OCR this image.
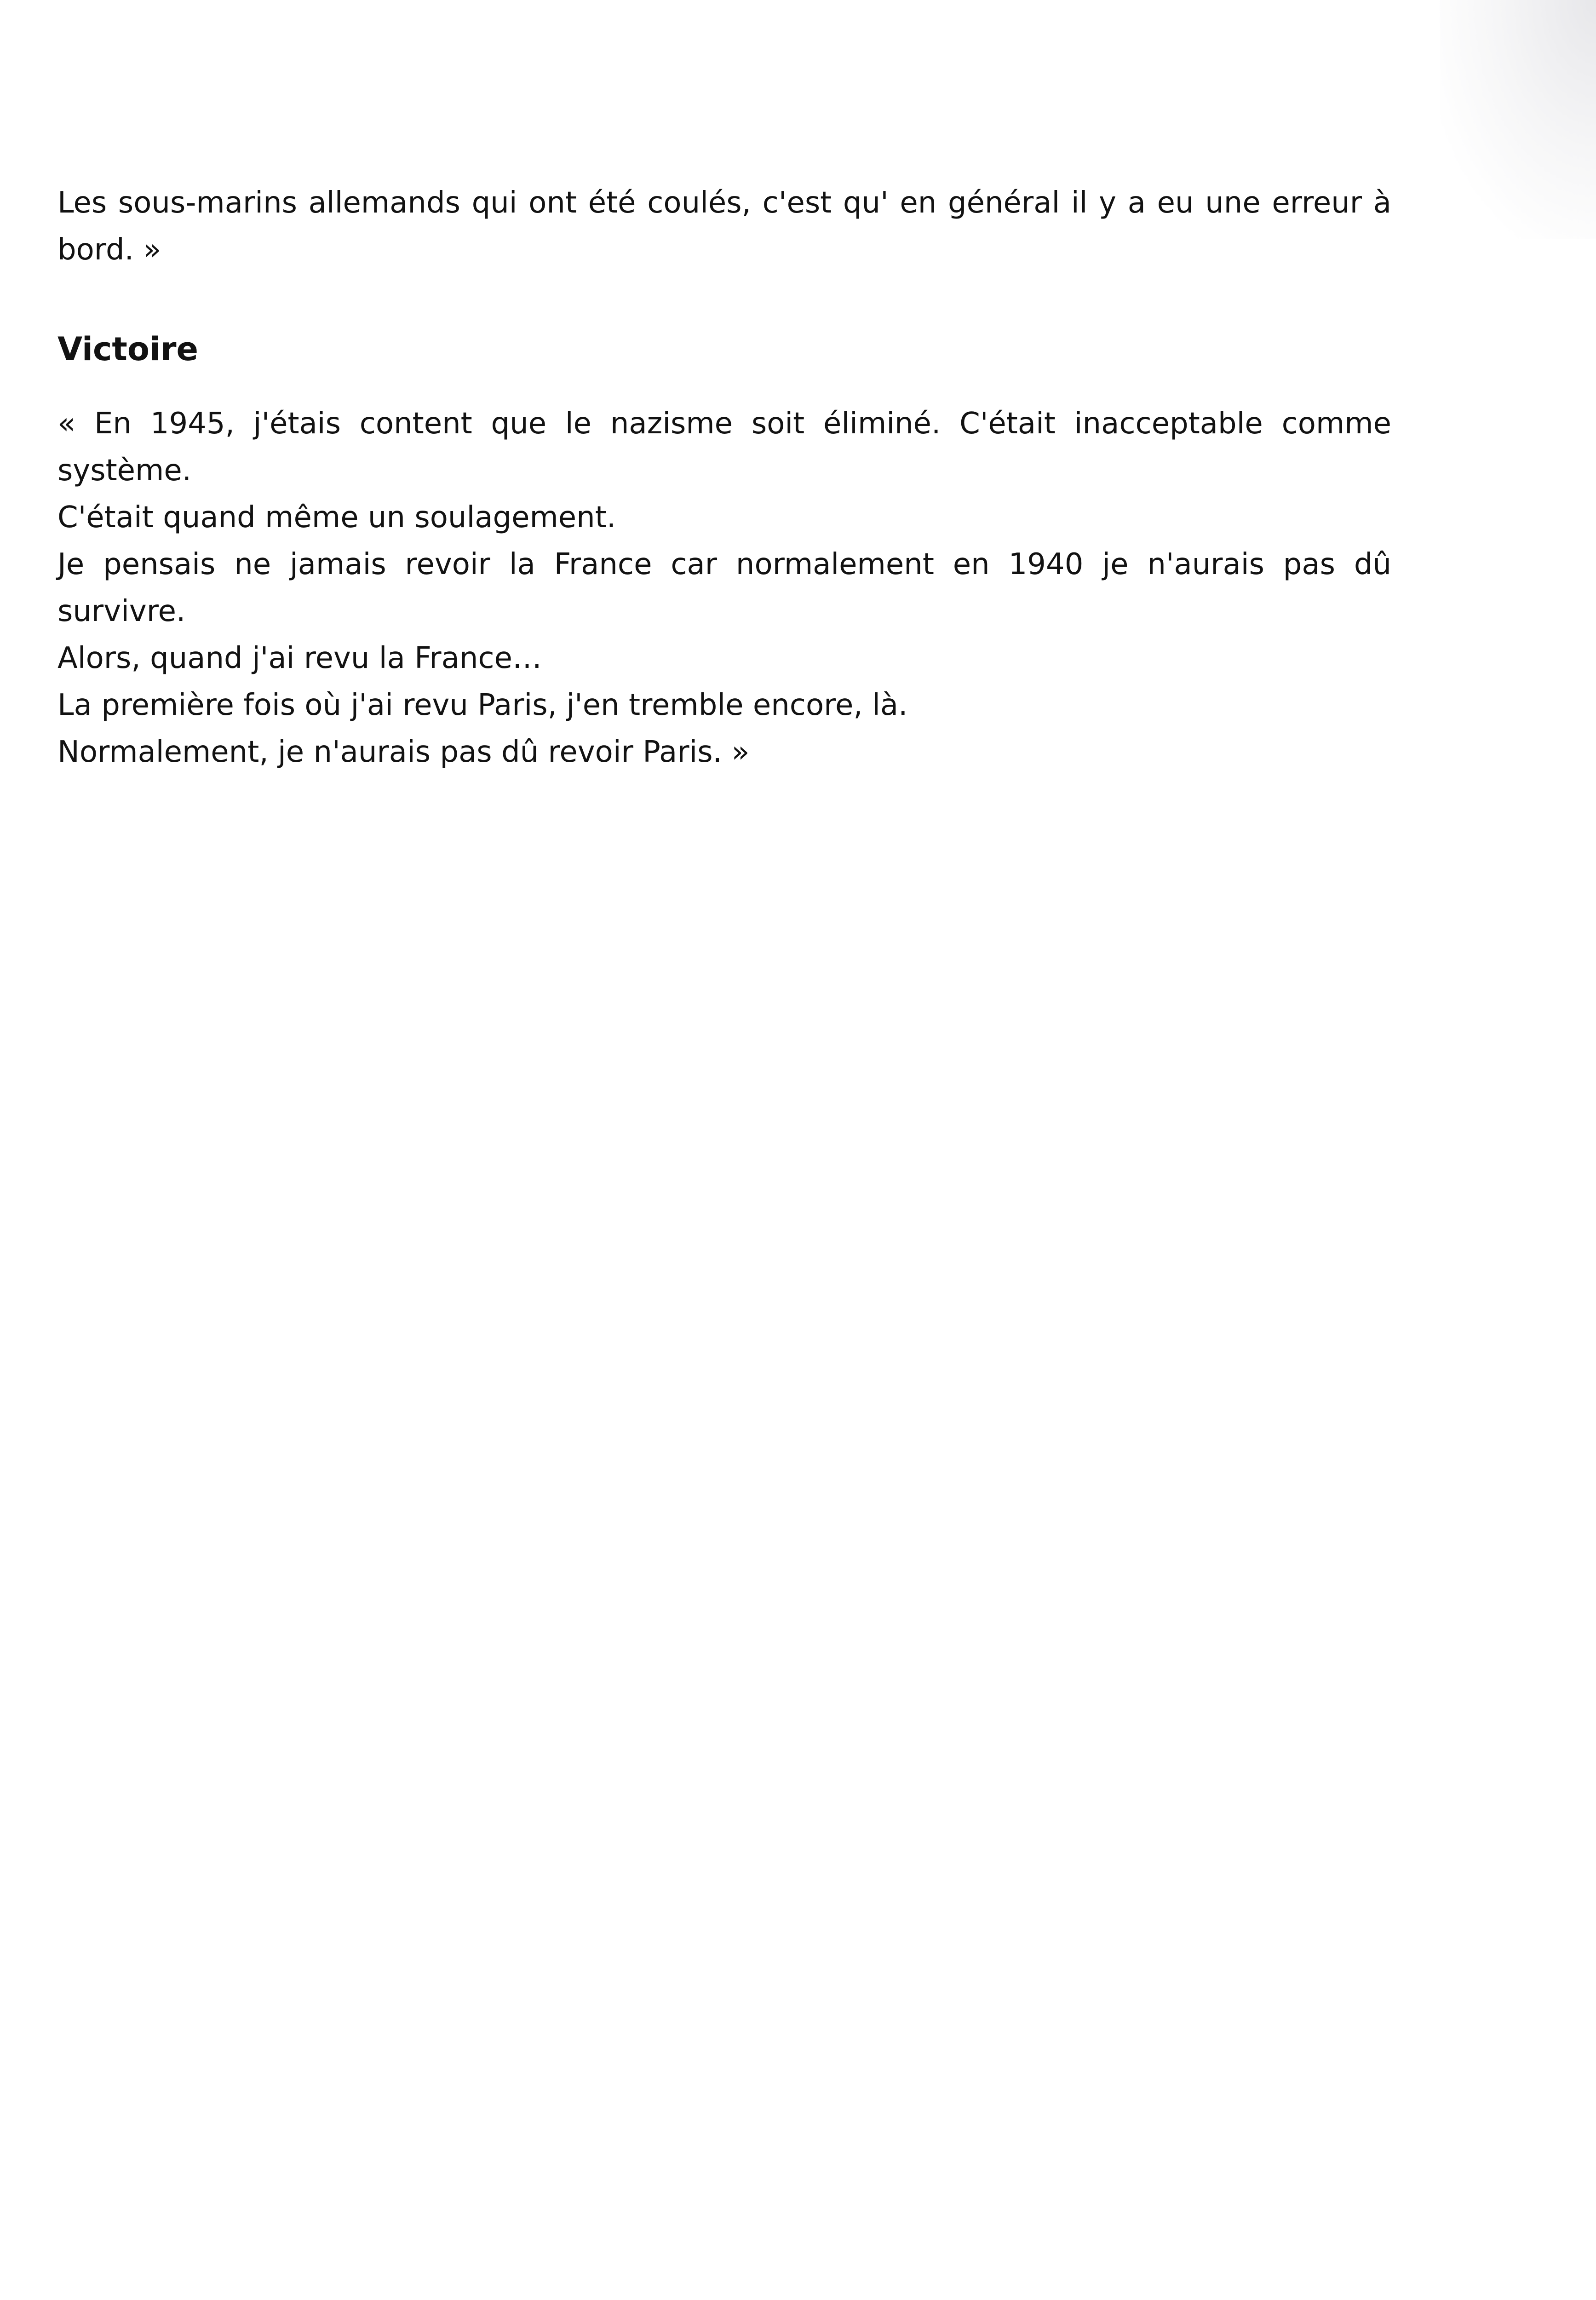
Les sous-marins allemands qui ont été coulés, c'est qu' en général il y a eu une erreur à
bord. »

Victoire

« En 1945, j'étais content que le nazisme soit éliminé. C'était inacceptable comme
système.
C'était quand même un soulagement.
Je pensais ne jamais revoir la France car normalement en 1940 je n'aurais pas dû
survivre.
Alors, quand j'ai revu la France…
La première fois où j'ai revu Paris, j'en tremble encore, là.
Normalement, je n'aurais pas dû revoir Paris. »
